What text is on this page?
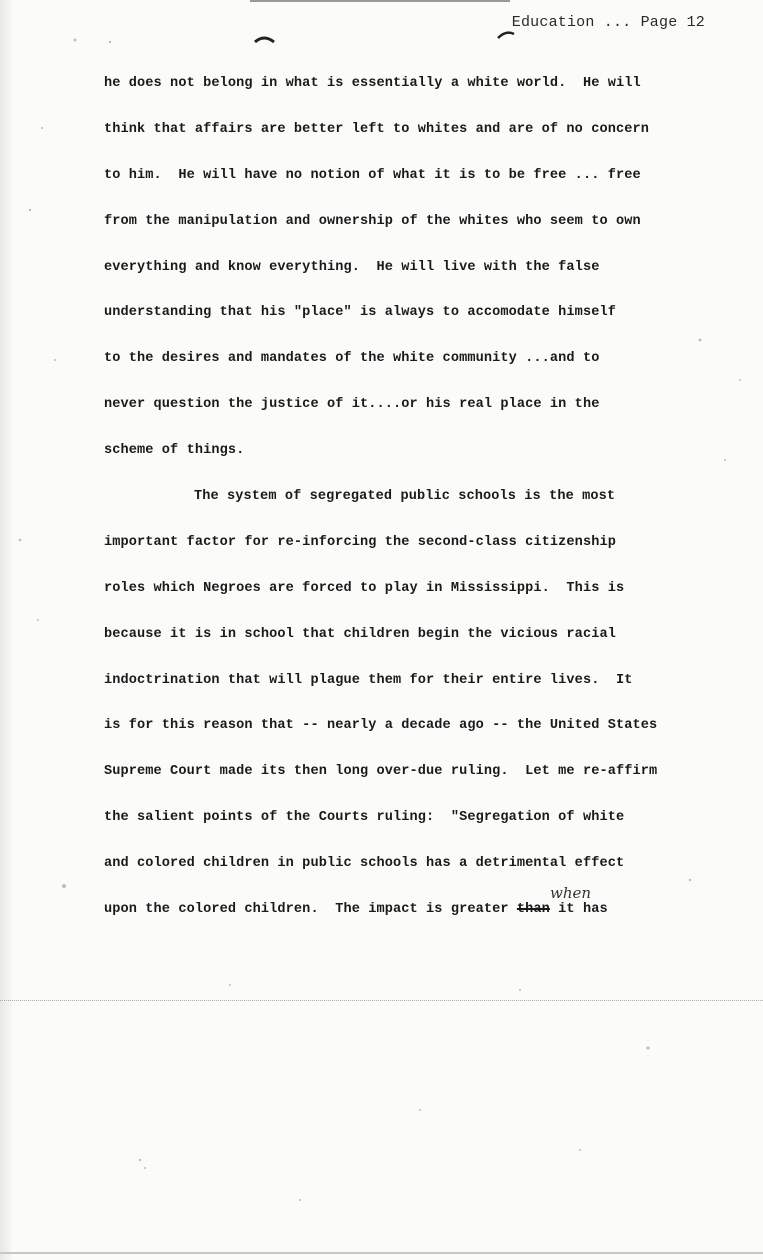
Education ... Page 12
he does not belong in what is essentially a white world.  He will
think that affairs are better left to whites and are of no concern
to him.  He will have no notion of what it is to be free ... free
from the manipulation and ownership of the whites who seem to own
everything and know everything.  He will live with the false
understanding that his "place" is always to accomodate himself
to the desires and mandates of the white community ...and to
never question the justice of it....or his real place in the
scheme of things.
The system of segregated public schools is the most
important factor for re-inforcing the second-class citizenship
roles which Negroes are forced to play in Mississippi.  This is
because it is in school that children begin the vicious racial
indoctrination that will plague them for their entire lives.  It
is for this reason that -- nearly a decade ago -- the United States
Supreme Court made its then long over-due ruling.  Let me re-affirm
the salient points of the Courts ruling:  "Segregation of white
and colored children in public schools has a detrimental effect
upon the colored children.  The impact is greater than it has
when
